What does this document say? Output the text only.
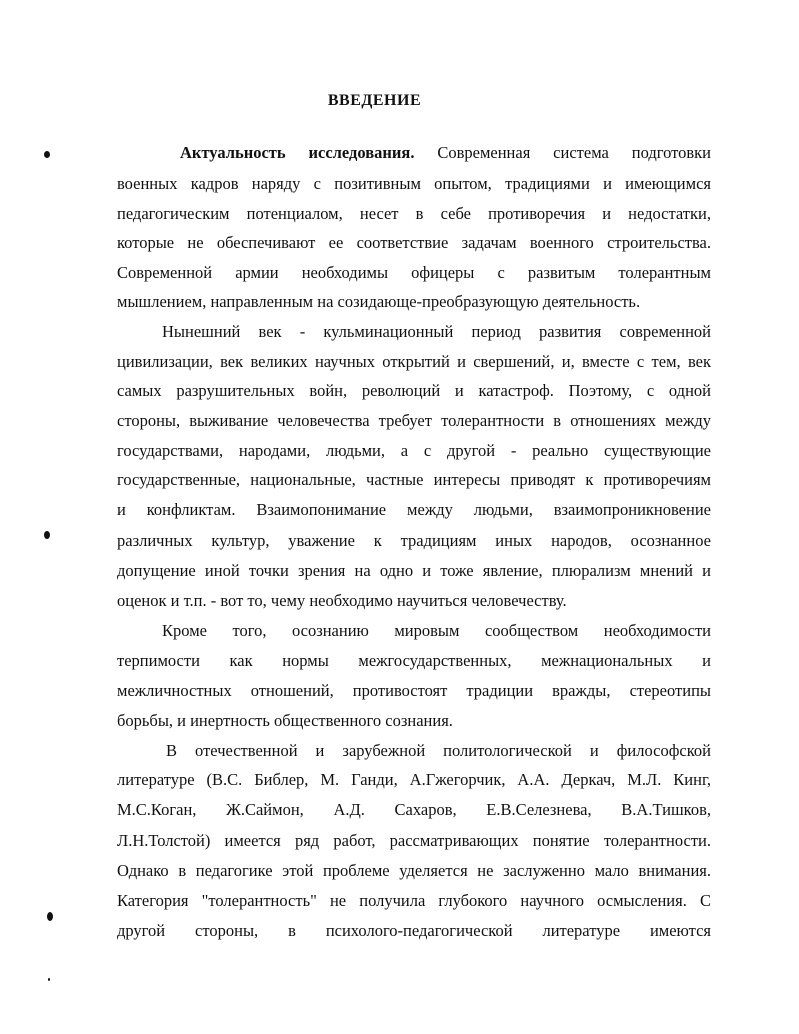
ВВЕДЕНИЕ
Актуальность исследования. Современная система подготовки
военных кадров наряду с позитивным опытом, традициями и имеющимся
педагогическим потенциалом, несет в себе противоречия и недостатки,
которые не обеспечивают ее соответствие задачам военного строительства.
Современной армии необходимы офицеры с развитым толерантным
мышлением, направленным на созидающе-преобразующую деятельность.
Нынешний век - кульминационный период развития современной
цивилизации, век великих научных открытий и свершений, и, вместе с тем, век
самых разрушительных войн, революций и катастроф. Поэтому, с одной
стороны, выживание человечества требует толерантности в отношениях между
государствами, народами, людьми, а с другой - реально существующие
государственные, национальные, частные интересы приводят к противоречиям
и конфликтам. Взаимопонимание между людьми, взаимопроникновение
различных культур, уважение к традициям иных народов, осознанное
допущение иной точки зрения на одно и тоже явление, плюрализм мнений и
оценок и т.п. - вот то, чему необходимо научиться человечеству.
Кроме того, осознанию мировым сообществом необходимости
терпимости как нормы межгосударственных, межнациональных и
межличностных отношений, противостоят традиции вражды, стереотипы
борьбы, и инертность общественного сознания.
В отечественной и зарубежной политологической и философской
литературе (В.С. Библер, М. Ганди, А.Гжегорчик, А.А. Деркач, М.Л. Кинг,
М.С.Коган, Ж.Саймон, А.Д. Сахаров, Е.В.Селезнева, В.А.Тишков,
Л.Н.Толстой) имеется ряд работ, рассматривающих понятие толерантности.
Однако в педагогике этой проблеме уделяется не заслуженно мало внимания.
Категория "толерантность" не получила глубокого научного осмысления. С
другой стороны, в психолого-педагогической литературе имеются
